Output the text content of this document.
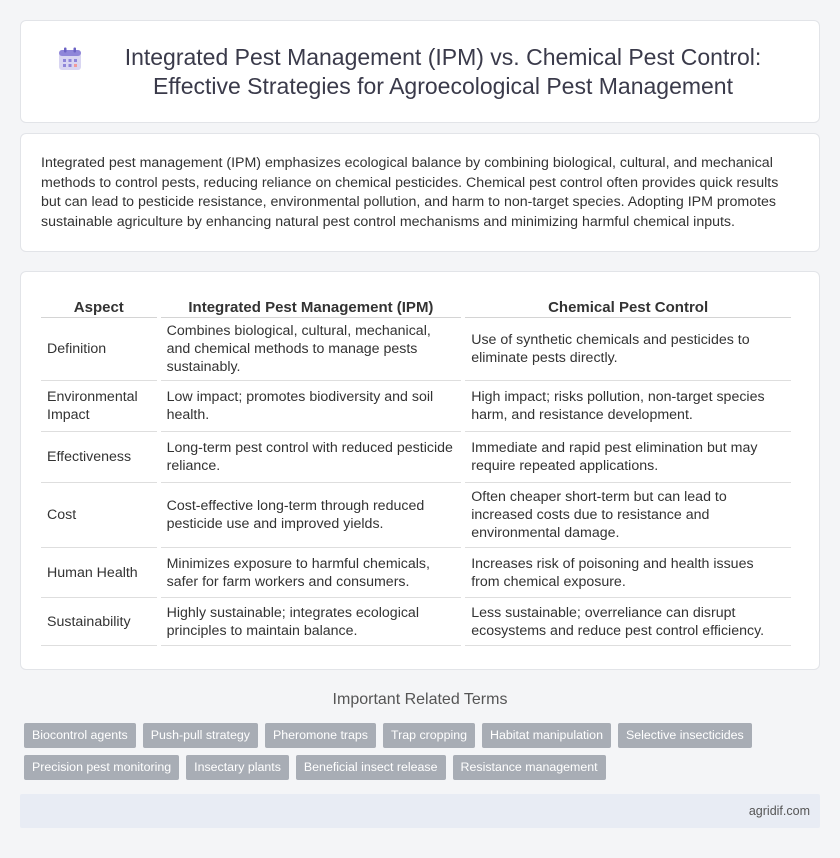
Integrated Pest Management (IPM) vs. Chemical Pest Control: Effective Strategies for Agroecological Pest Management

Integrated pest management (IPM) emphasizes ecological balance by combining biological, cultural, and mechanical methods to control pests, reducing reliance on chemical pesticides. Chemical pest control often provides quick results but can lead to pesticide resistance, environmental pollution, and harm to non-target species. Adopting IPM promotes sustainable agriculture by enhancing natural pest control mechanisms and minimizing harmful chemical inputs.

Aspect	Integrated Pest Management (IPM)	Chemical Pest Control
Definition	Combines biological, cultural, mechanical, and chemical methods to manage pests sustainably.	Use of synthetic chemicals and pesticides to eliminate pests directly.
Environmental Impact	Low impact; promotes biodiversity and soil health.	High impact; risks pollution, non-target species harm, and resistance development.
Effectiveness	Long-term pest control with reduced pesticide reliance.	Immediate and rapid pest elimination but may require repeated applications.
Cost	Cost-effective long-term through reduced pesticide use and improved yields.	Often cheaper short-term but can lead to increased costs due to resistance and environmental damage.
Human Health	Minimizes exposure to harmful chemicals, safer for farm workers and consumers.	Increases risk of poisoning and health issues from chemical exposure.
Sustainability	Highly sustainable; integrates ecological principles to maintain balance.	Less sustainable; overreliance can disrupt ecosystems and reduce pest control efficiency.
Important Related Terms
Biocontrol agents	Push-pull strategy	Pheromone traps	Trap cropping	Habitat manipulation	Selective insecticides
Precision pest monitoring	Insectary plants	Beneficial insect release	Resistance management
agridif.com
